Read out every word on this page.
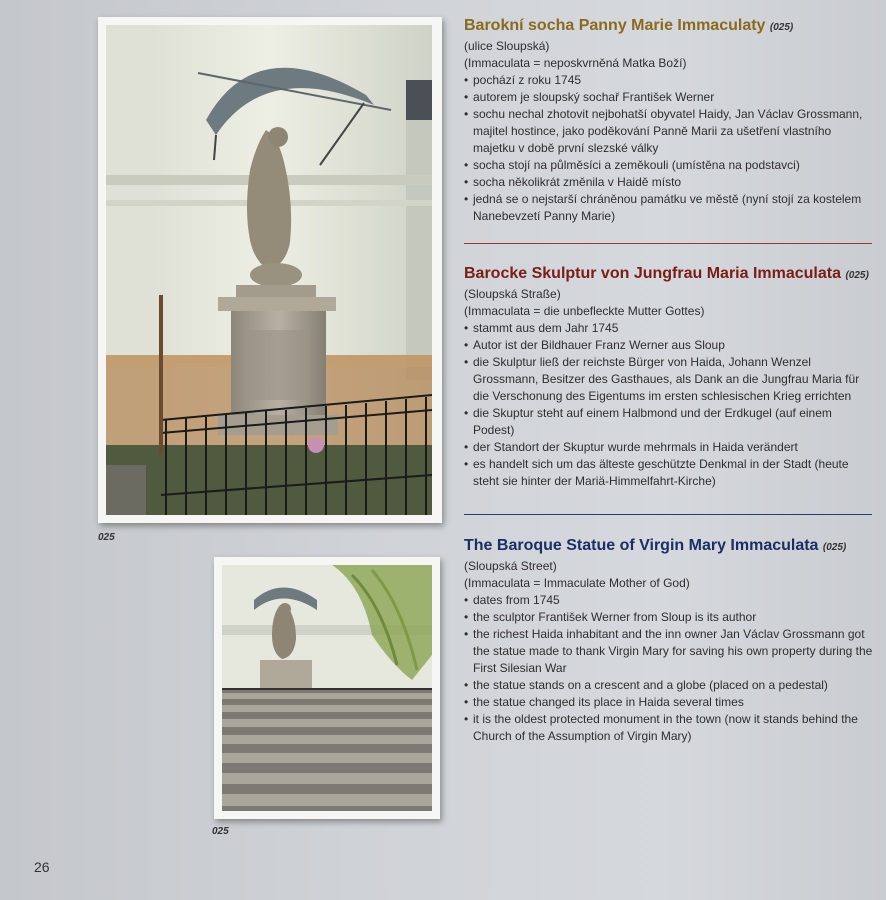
025
025
Barokní socha Panny Marie Immaculaty (025)
(ulice Sloupská)
(Immaculata = neposkvrněná Matka Boží)
• pochází z roku 1745
• autorem je sloupský sochař František Werner
• sochu nechal zhotovit nejbohatší obyvatel Haidy, Jan Václav Grossmann, majitel hostince, jako poděkování Panně Marii za ušetření vlastního majetku v době první slezské války
• socha stojí na půlměsíci a zeměkouli (umístěna na podstavci)
• socha několikrát změnila v Haidě místo
• jedná se o nejstarší chráněnou památku ve městě (nyní stojí za kostelem Nanebevzetí Panny Marie)
Barocke Skulptur von Jungfrau Maria Immaculata (025)
(Sloupská Straße)
(Immaculata = die unbefleckte Mutter Gottes)
• stammt aus dem Jahr 1745
• Autor ist der Bildhauer Franz Werner aus Sloup
• die Skulptur ließ der reichste Bürger von Haida, Johann Wenzel Grossmann, Besitzer des Gasthaues, als Dank an die Jungfrau Maria für die Verschonung des Eigentums im ersten schlesischen Krieg errichten
• die Skuptur steht auf einem Halbmond und der Erdkugel (auf einem Podest)
• der Standort der Skuptur wurde mehrmals in Haida verändert
• es handelt sich um das älteste geschützte Denkmal in der Stadt (heute steht sie hinter der Mariä-Himmelfahrt-Kirche)
The Baroque Statue of Virgin Mary Immaculata (025)
(Sloupská Street)
(Immaculata = Immaculate Mother of God)
• dates from 1745
• the sculptor František Werner from Sloup is its author
• the richest Haida inhabitant and the inn owner Jan Václav Grossmann got the statue made to thank Virgin Mary for saving his own property during the First Silesian War
• the statue stands on a crescent and a globe (placed on a pedestal)
• the statue changed its place in Haida several times
• it is the oldest protected monument in the town (now it stands behind the Church of the Assumption of Virgin Mary)
26
